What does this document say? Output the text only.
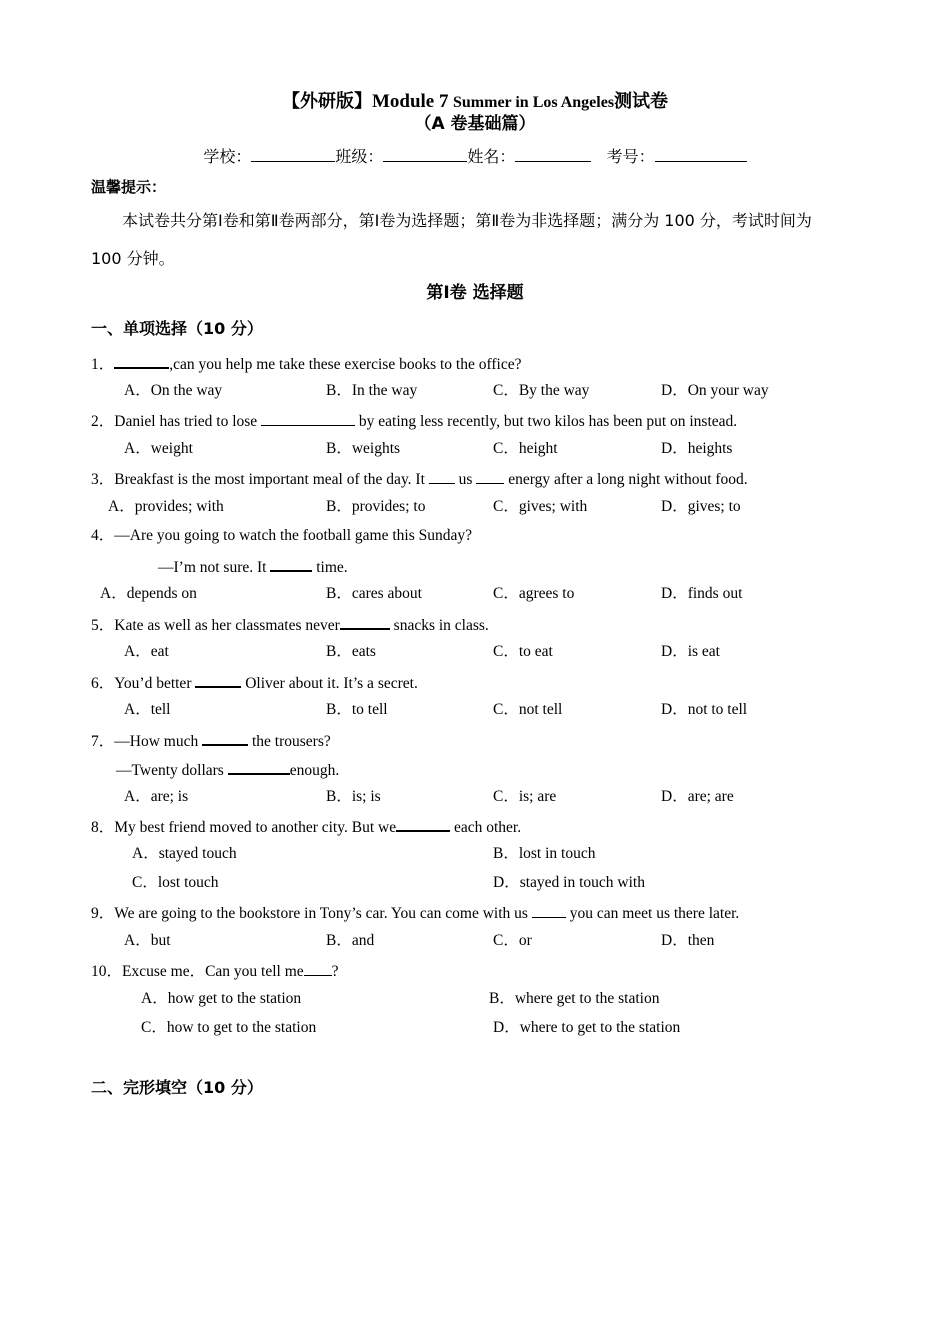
【外研版】Module 7 Summer in Los Angeles测试卷
（A 卷基础篇）
学校：	班级：	姓名：	考号：
温馨提示：
本试卷共分第Ⅰ卷和第Ⅱ卷两部分，第Ⅰ卷为选择题；第Ⅱ卷为非选择题；满分为 100 分，考试时间为
100 分钟。
第Ⅰ卷 选择题
一、单项选择（10 分）
1．	,can you help me take these exercise books to the office?
A．On the way	B．In the way	C．By the way	D．On your way
2．Daniel has tried to lose	by eating less recently, but two kilos has been put on instead.
A．weight	B．weights	C．height	D．heights
3．Breakfast is the most important meal of the day. It  us  energy after a long night without food.
A．provides; with	B．provides; to	C．gives; with	D．gives; to
4．—Are you going to watch the football game this Sunday?
—I’m not sure. It	time.
A．depends on	B．cares about	C．agrees to	D．finds out
5．Kate as well as her classmates never	snacks in class.
A．eat	B．eats	C．to eat	D．is eat
6．You’d better	Oliver about it. It’s a secret.
A．tell	B．to tell	C．not tell	D．not to tell
7．—How much	the trousers?
—Twenty dollars	enough.
A．are; is	B．is; is	C．is; are	D．are; are
8．My best friend moved to another city. But we	each other.
A．stayed touch	B．lost in touch
C．lost touch	D．stayed in touch with
9．We are going to the bookstore in Tony’s car. You can come with us  you can meet us there later.
A．but	B．and	C．or	D．then
10．Excuse me．Can you tell me ?
A．how get to the station	B．where get to the station
C．how to get to the station	D．where to get to the station
二、完形填空（10 分）
